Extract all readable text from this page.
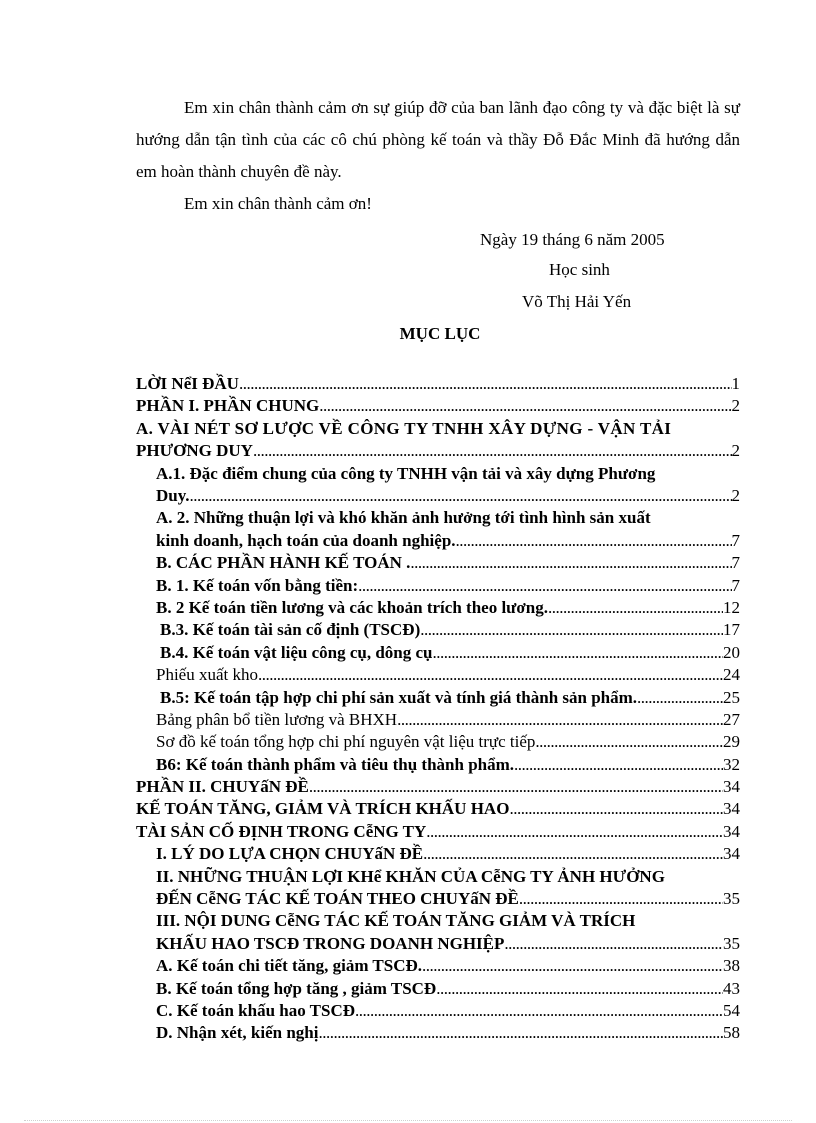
Em xin chân thành cảm ơn sự giúp đỡ của ban lãnh đạo công ty và đặc biệt là sự hướng dẫn tận tình của các cô chú phòng kế toán và thầy Đỗ Đắc Minh đã hướng dẫn em hoàn thành chuyên đề này.

Em xin chân thành cảm ơn!
Ngày 19 tháng 6 năm 2005
Học sinh
Võ Thị Hải Yến
MỤC LỤC
LỜI NểI ĐẦU .....	1
PHẦN I. PHẦN CHUNG .....	2
A. VÀI NÉT SƠ LƯỢC VỀ CÔNG TY TNHH XÂY DỰNG - VẬN TẢI
PHƯƠNG DUY .....	2
A.1. Đặc điểm chung của công ty TNHH vận tải và xây dựng Phương
Duy. .....	2
A. 2. Những thuận lợi và khó khăn ảnh hưởng tới tình hình sản xuất
kinh doanh, hạch toán của doanh nghiệp. .....	7
B. CÁC PHẦN HÀNH KẾ TOÁN . .....	7
B. 1. Kế toán vốn bằng tiền: .....	7
B. 2 Kế toán tiền lương và các khoản trích theo lương. .....	12
B.3. Kế toán tài sản cố định (TSCĐ) .....	17
B.4. Kế toán vật liệu công cụ, dông cụ .....	20
Phiếu xuất kho .....	24
B.5: Kế toán tập hợp chi phí sản xuất và tính giá thành sản phẩm. .....	25
Bảng phân bổ tiền lương và BHXH .....	27
Sơ đồ kế toán tổng hợp chi phí nguyên vật liệu trực tiếp .....	29
B6: Kế toán thành phẩm và tiêu thụ thành phẩm. .....	32
PHẦN II. CHUYấN ĐỀ .....	34
KẾ TOÁN TĂNG, GIẢM VÀ TRÍCH KHẤU HAO .....	34
TÀI SẢN CỐ ĐỊNH TRONG CễNG TY .....	34
I. LÝ DO LỰA CHỌN CHUYấN ĐỀ .....	34
II. NHỮNG THUẬN LỢI KHể KHĂN CỦA CễNG TY ẢNH HƯỞNG
ĐẾN CễNG TÁC KẾ TOÁN THEO CHUYấN ĐỀ .....	35
III. NỘI DUNG CễNG TÁC KẾ TOÁN TĂNG GIẢM VÀ TRÍCH
KHẤU HAO TSCĐ TRONG DOANH NGHIỆP .....	35
A. Kế toán chi tiết tăng, giảm TSCĐ. .....	38
B. Kế toán tổng hợp tăng , giảm TSCĐ .....	43
C. Kế toán khấu hao TSCĐ .....	54
D. Nhận xét, kiến nghị .....	58
